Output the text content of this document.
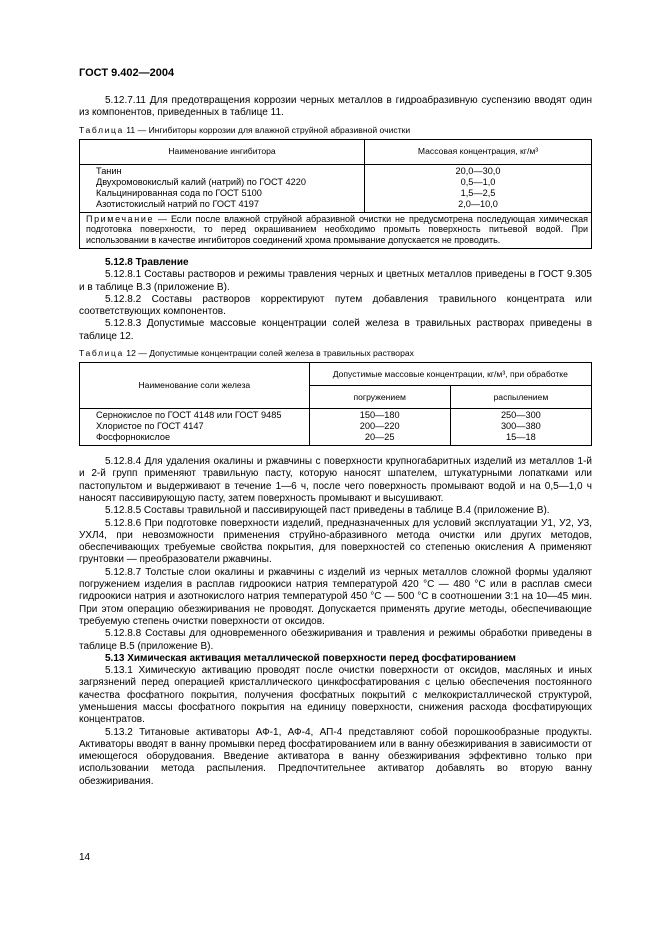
ГОСТ 9.402—2004

5.12.7.11 Для предотвращения коррозии черных металлов в гидроабразивную суспензию вводят один из компонентов, приведенных в таблице 11.

Таблица 11 — Ингибиторы коррозии для влажной струйной абразивной очистки
Наименование ингибитора	Массовая концентрация, кг/м³
Танин	20,0—30,0
Двухромовокислый калий (натрий) по ГОСТ 4220	0,5—1,0
Кальцинированная сода по ГОСТ 5100	1,5—2,5
Азотистокислый натрий по ГОСТ 4197	2,0—10,0
Примечание — Если после влажной струйной абразивной очистки не предусмотрена последующая химическая подготовка поверхности, то перед окрашиванием необходимо промыть поверхность питьевой водой. При использовании в качестве ингибиторов соединений хрома промывание допускается не проводить.	

5.12.8 Травление

5.12.8.1 Составы растворов и режимы травления черных и цветных металлов приведены в ГОСТ 9.305 и в таблице В.3 (приложение В).

5.12.8.2 Составы растворов корректируют путем добавления травильного концентрата или соответствующих компонентов.

5.12.8.3 Допустимые массовые концентрации солей железа в травильных растворах приведены в таблице 12.

Таблица 12 — Допустимые концентрации солей железа в травильных растворах
Наименование соли железа	Допустимые массовые концентрации, кг/м³, при обработке	
	погружением	распылением
Сернокислое по ГОСТ 4148 или ГОСТ 9485	150—180	250—300
Хлористое по ГОСТ 4147	200—220	300—380
Фосфорнокислое	20—25	15—18

5.12.8.4 Для удаления окалины и ржавчины с поверхности крупногабаритных изделий из металлов 1-й и 2-й групп применяют травильную пасту, которую наносят шпателем, штукатурными лопатками или пастопультом и выдерживают в течение 1—6 ч, после чего поверхность промывают водой и на 0,5—1,0 ч наносят пассивирующую пасту, затем поверхность промывают и высушивают.

5.12.8.5 Составы травильной и пассивирующей паст приведены в таблице В.4 (приложение В).

5.12.8.6 При подготовке поверхности изделий, предназначенных для условий эксплуатации У1, У2, У3, УХЛ4, при невозможности применения струйно-абразивного метода очистки или других методов, обеспечивающих требуемые свойства покрытия, для поверхностей со степенью окисления А применяют грунтовки — преобразователи ржавчины.

5.12.8.7 Толстые слои окалины и ржавчины с изделий из черных металлов сложной формы удаляют погружением изделия в расплав гидроокиси натрия температурой 420 °С — 480 °С или в расплав смеси гидроокиси натрия и азотнокислого натрия температурой 450 °С — 500 °С в соотношении 3:1 на 10—45 мин. При этом операцию обезжиривания не проводят. Допускается применять другие методы, обеспечивающие требуемую степень очистки поверхности от оксидов.

5.12.8.8 Составы для одновременного обезжиривания и травления и режимы обработки приведены в таблице В.5 (приложение В).

5.13 Химическая активация металлической поверхности перед фосфатированием

5.13.1 Химическую активацию проводят после очистки поверхности от оксидов, масляных и иных загрязнений перед операцией кристаллического цинкфосфатирования с целью обеспечения постоянного качества фосфатного покрытия, получения фосфатных покрытий с мелкокристаллической структурой, уменьшения массы фосфатного покрытия на единицу поверхности, снижения расхода фосфатирующих концентратов.

5.13.2 Титановые активаторы АФ-1, АФ-4, АП-4 представляют собой порошкообразные продукты. Активаторы вводят в ванну промывки перед фосфатированием или в ванну обезжиривания в зависимости от имеющегося оборудования. Введение активатора в ванну обезжиривания эффективно только при использовании метода распыления. Предпочтительнее активатор добавлять во вторую ванну обезжиривания.

14
